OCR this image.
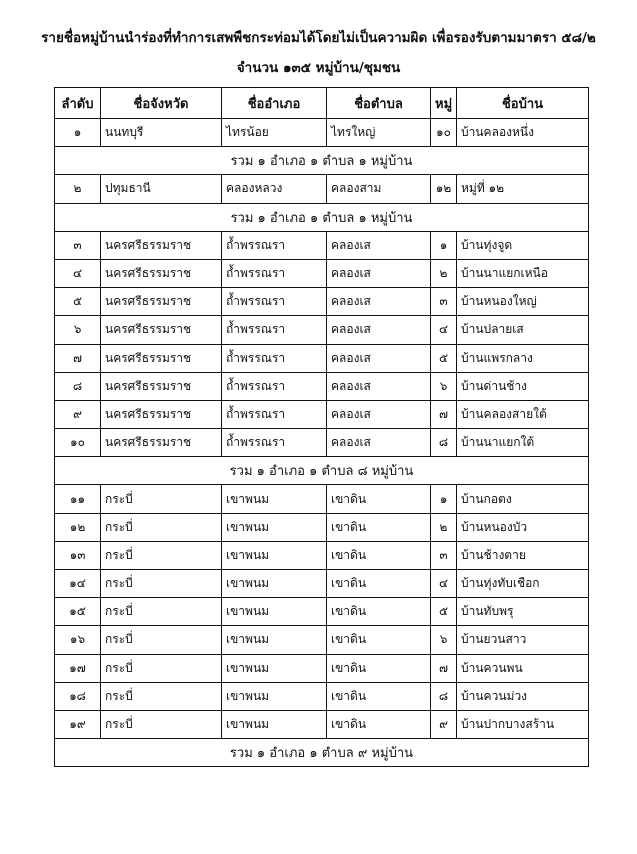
รายชื่อหมู่บ้านนำร่องที่ทำการเสพพืชกระท่อมได้โดยไม่เป็นความผิด เพื่อรองรับตามมาตรา ๕๘/๒
จำนวน ๑๓๕ หมู่บ้าน/ชุมชน
ลำดับ	ชื่อจังหวัด	ชื่ออำเภอ	ชื่อตำบล	หมู่	ชื่อบ้าน
๑	นนทบุรี	ไทรน้อย	ไทรใหญ่	๑๐	บ้านคลองหนึ่ง
รวม ๑ อำเภอ ๑ ตำบล ๑ หมู่บ้าน					
๒	ปทุมธานี	คลองหลวง	คลองสาม	๑๒	หมู่ที่ ๑๒
รวม ๑ อำเภอ ๑ ตำบล ๑ หมู่บ้าน					
๓	นครศรีธรรมราช	ถ้ำพรรณรา	คลองเส	๑	บ้านทุ่งจูด
๔	นครศรีธรรมราช	ถ้ำพรรณรา	คลองเส	๒	บ้านนาแยกเหนือ
๕	นครศรีธรรมราช	ถ้ำพรรณรา	คลองเส	๓	บ้านหนองใหญ่
๖	นครศรีธรรมราช	ถ้ำพรรณรา	คลองเส	๔	บ้านปลายเส
๗	นครศรีธรรมราช	ถ้ำพรรณรา	คลองเส	๕	บ้านแพรกลาง
๘	นครศรีธรรมราช	ถ้ำพรรณรา	คลองเส	๖	บ้านด่านช้าง
๙	นครศรีธรรมราช	ถ้ำพรรณรา	คลองเส	๗	บ้านคลองสายใต้
๑๐	นครศรีธรรมราช	ถ้ำพรรณรา	คลองเส	๘	บ้านนาแยกใต้
รวม ๑ อำเภอ ๑ ตำบล ๘ หมู่บ้าน					
๑๑	กระบี่	เขาพนม	เขาดิน	๑	บ้านกอตง
๑๒	กระบี่	เขาพนม	เขาดิน	๒	บ้านหนองบัว
๑๓	กระบี่	เขาพนม	เขาดิน	๓	บ้านช้างตาย
๑๔	กระบี่	เขาพนม	เขาดิน	๔	บ้านทุ่งทับเชือก
๑๕	กระบี่	เขาพนม	เขาดิน	๕	บ้านทับพรุ
๑๖	กระบี่	เขาพนม	เขาดิน	๖	บ้านยวนสาว
๑๗	กระบี่	เขาพนม	เขาดิน	๗	บ้านควนพน
๑๘	กระบี่	เขาพนม	เขาดิน	๘	บ้านควนม่วง
๑๙	กระบี่	เขาพนม	เขาดิน	๙	บ้านปากบางสร้าน
รวม ๑ อำเภอ ๑ ตำบล ๙ หมู่บ้าน					
